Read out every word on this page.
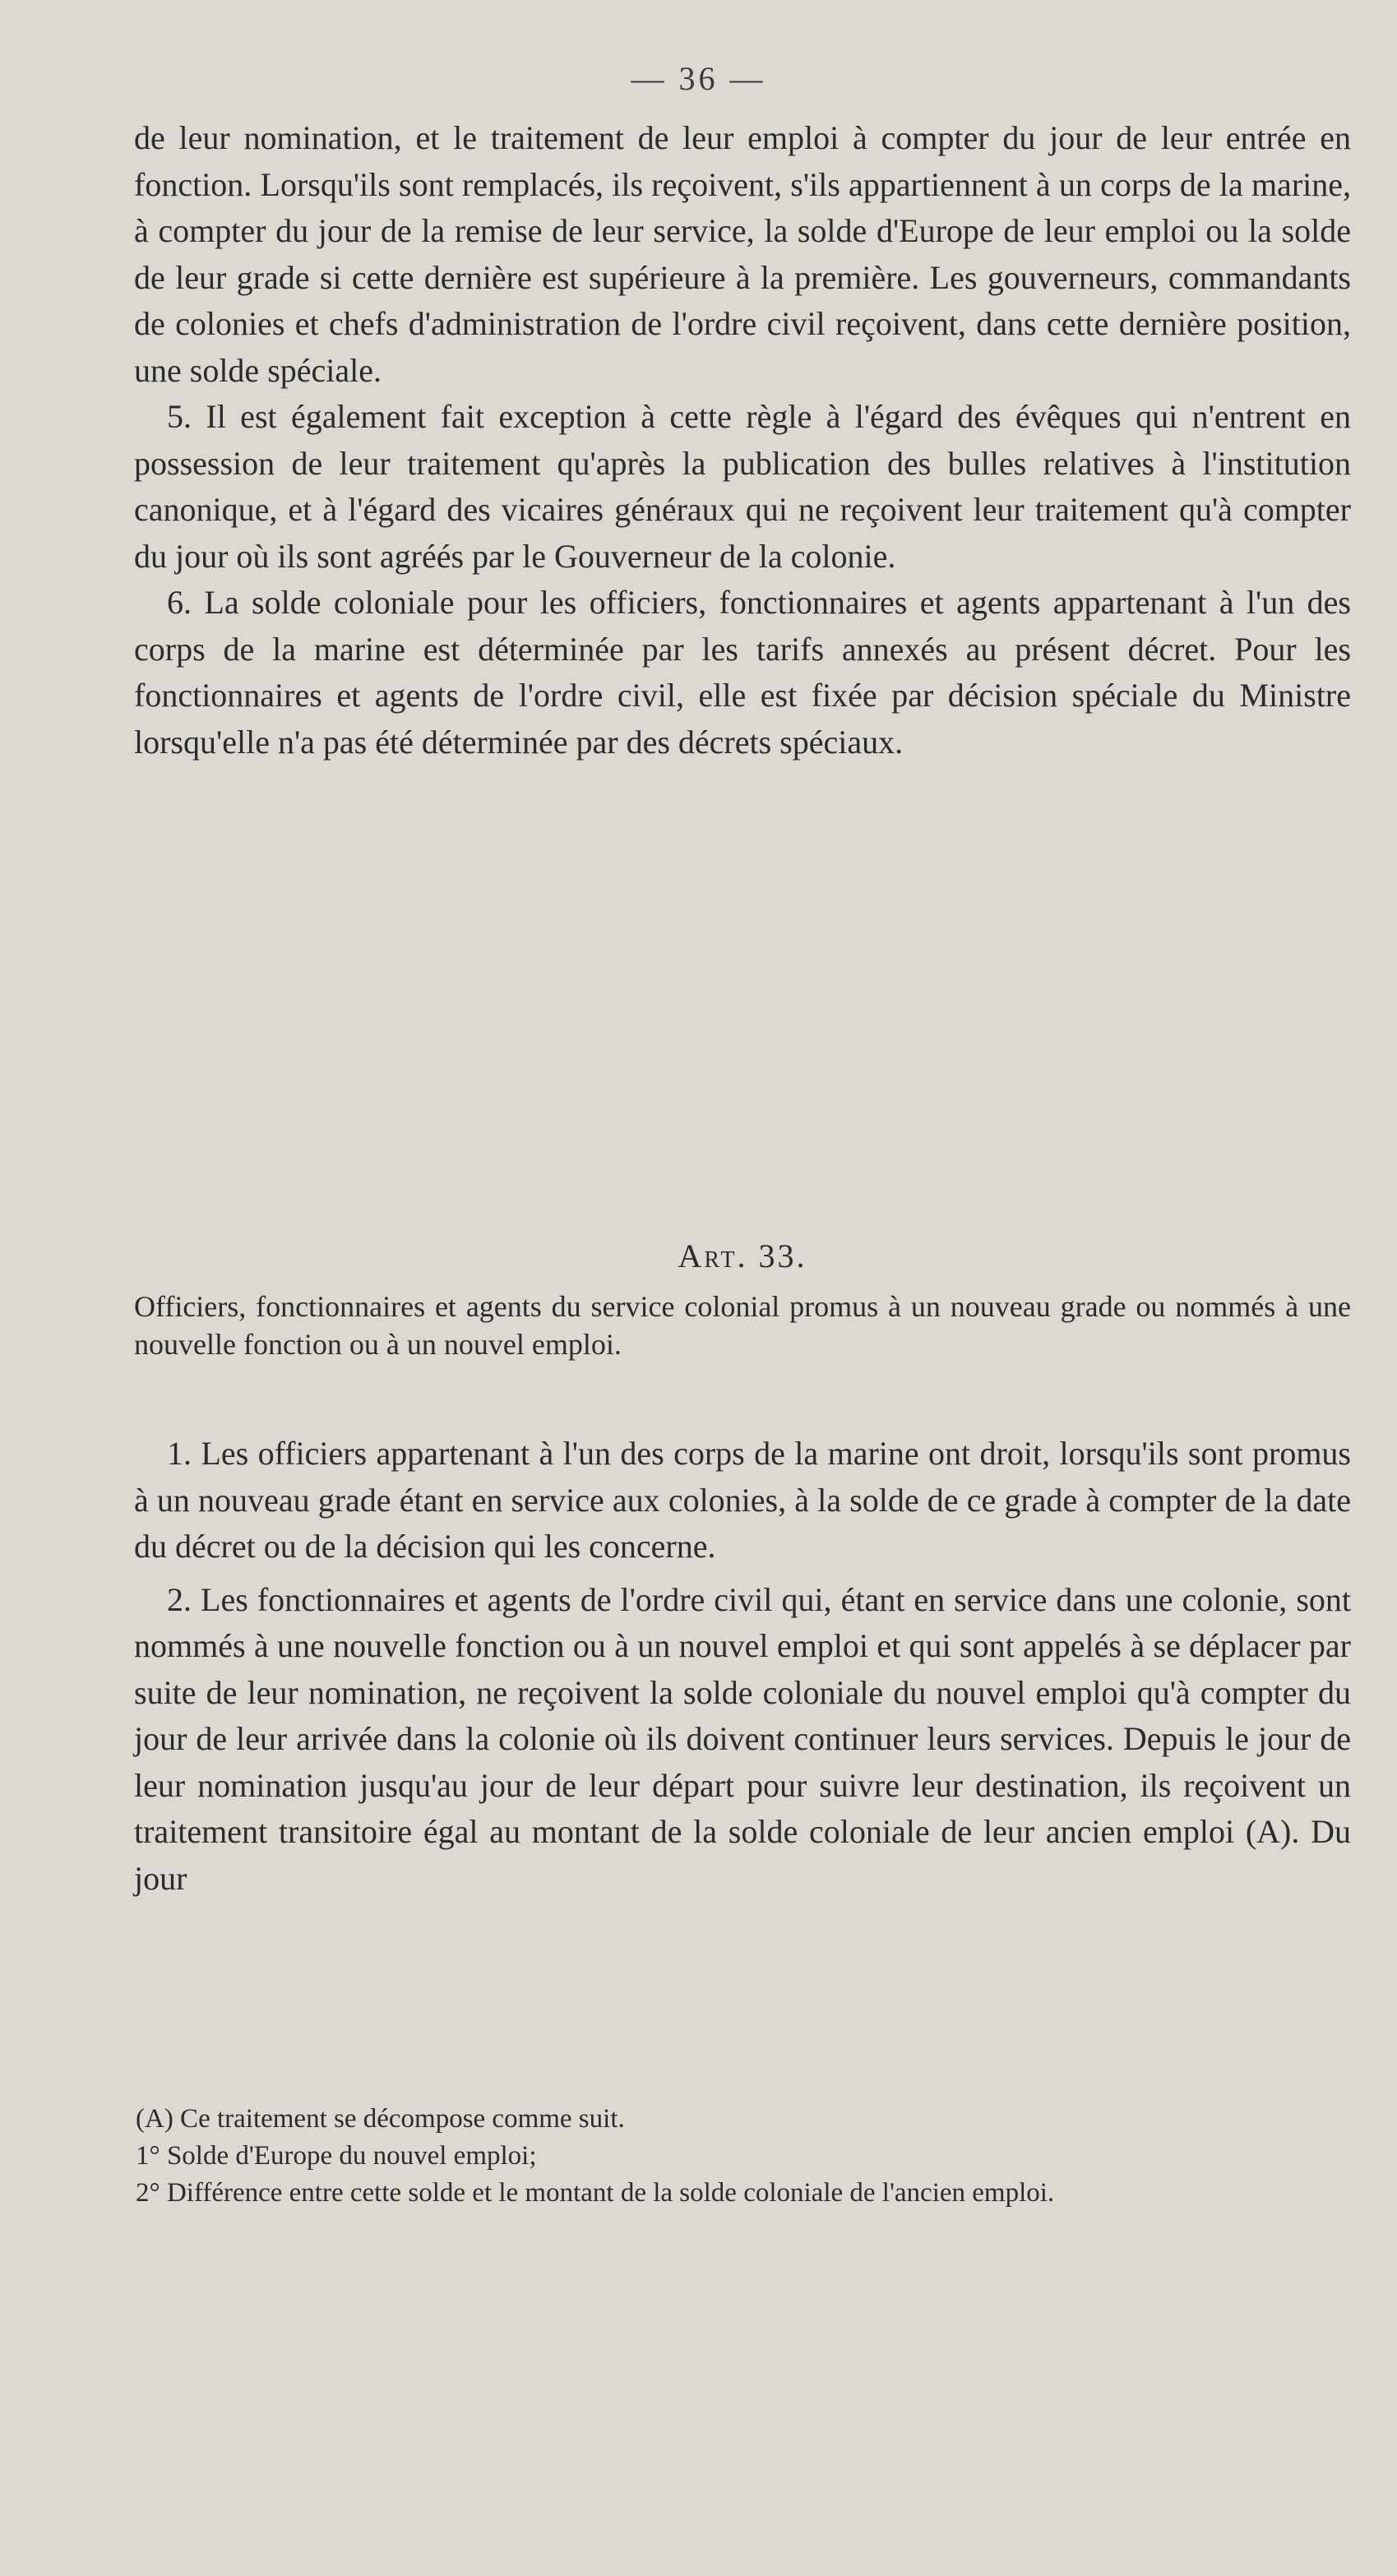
— 36 —

de leur nomination, et le traitement de leur emploi à compter du jour de leur entrée en fonction. Lorsqu'ils sont remplacés, ils reçoivent, s'ils appartiennent à un corps de la marine, à compter du jour de la remise de leur service, la solde d'Europe de leur emploi ou la solde de leur grade si cette dernière est supérieure à la première. Les gouverneurs, commandants de colonies et chefs d'administration de l'ordre civil reçoivent, dans cette dernière position, une solde spéciale.

5. Il est également fait exception à cette règle à l'égard des évêques qui n'entrent en possession de leur traitement qu'après la publication des bulles relatives à l'institution canonique, et à l'égard des vicaires généraux qui ne reçoivent leur traitement qu'à compter du jour où ils sont agréés par le Gouverneur de la colonie.

6. La solde coloniale pour les officiers, fonctionnaires et agents appartenant à l'un des corps de la marine est déterminée par les tarifs annexés au présent décret. Pour les fonctionnaires et agents de l'ordre civil, elle est fixée par décision spéciale du Ministre lorsqu'elle n'a pas été déterminée par des décrets spéciaux.

Art. 33.

Officiers, fonctionnaires et agents du service colonial promus à un nouveau grade ou nommés à une nouvelle fonction ou à un nouvel emploi.

1. Les officiers appartenant à l'un des corps de la marine ont droit, lorsqu'ils sont promus à un nouveau grade étant en service aux colonies, à la solde de ce grade à compter de la date du décret ou de la décision qui les concerne.

2. Les fonctionnaires et agents de l'ordre civil qui, étant en service dans une colonie, sont nommés à une nouvelle fonction ou à un nouvel emploi et qui sont appelés à se déplacer par suite de leur nomination, ne reçoivent la solde coloniale du nouvel emploi qu'à compter du jour de leur arrivée dans la colonie où ils doivent continuer leurs services. Depuis le jour de leur nomination jusqu'au jour de leur départ pour suivre leur destination, ils reçoivent un traitement transitoire égal au montant de la solde coloniale de leur ancien emploi (A). Du jour

(A) Ce traitement se décompose comme suit.

1° Solde d'Europe du nouvel emploi;

2° Différence entre cette solde et le montant de la solde coloniale de l'ancien emploi.
